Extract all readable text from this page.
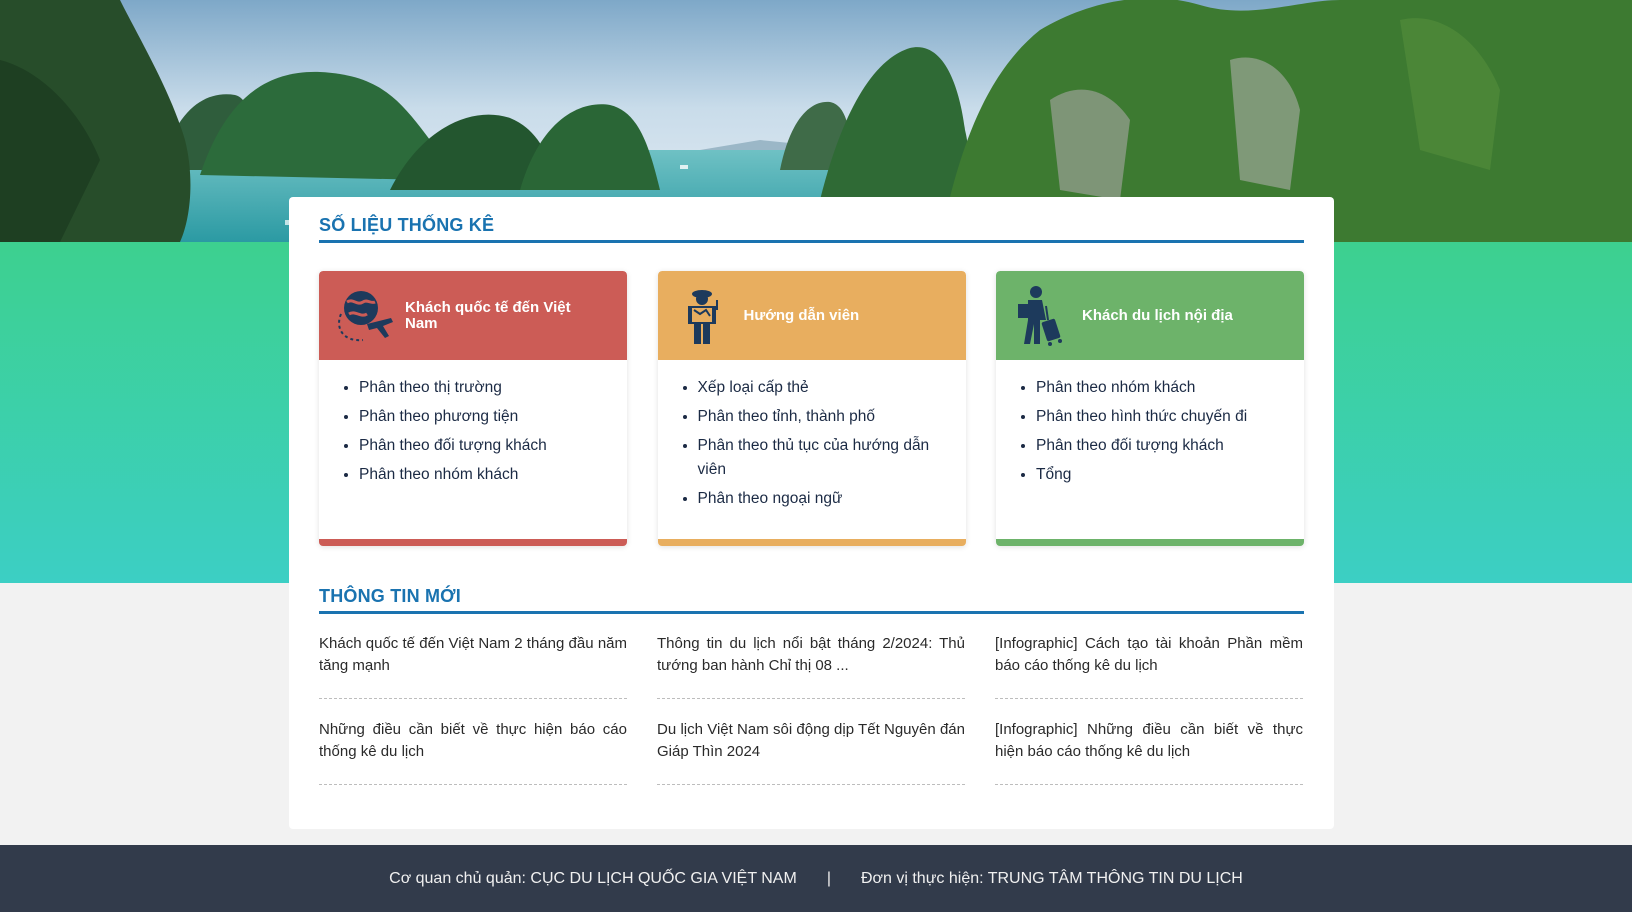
SỐ LIỆU THỐNG KÊ
Khách quốc tế đến Việt Nam
• Phân theo thị trường
• Phân theo phương tiện
• Phân theo đối tượng khách
• Phân theo nhóm khách
Hướng dẫn viên
• Xếp loại cấp thẻ
• Phân theo tỉnh, thành phố
• Phân theo thủ tục của hướng dẫn viên
• Phân theo ngoại ngữ
Khách du lịch nội địa
• Phân theo nhóm khách
• Phân theo hình thức chuyến đi
• Phân theo đối tượng khách
• Tổng
THÔNG TIN MỚI
Khách quốc tế đến Việt Nam 2 tháng đầu năm tăng mạnh
Thông tin du lịch nổi bật tháng 2/2024: Thủ tướng ban hành Chỉ thị 08 ...
[Infographic] Cách tạo tài khoản Phần mềm báo cáo thống kê du lịch
Những điều cần biết về thực hiện báo cáo thống kê du lịch
Du lịch Việt Nam sôi động dịp Tết Nguyên đán Giáp Thìn 2024
[Infographic] Những điều cần biết về thực hiện báo cáo thống kê du lịch
Cơ quan chủ quản: CỤC DU LỊCH QUỐC GIA VIỆT NAM | Đơn vị thực hiện: TRUNG TÂM THÔNG TIN DU LỊCH
